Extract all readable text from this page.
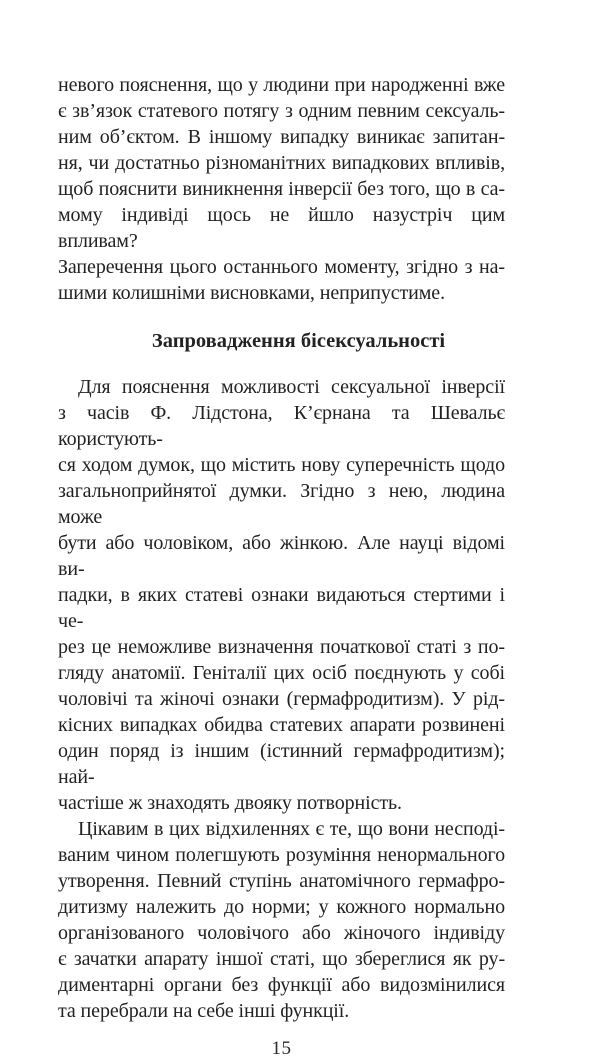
невого пояснення, що у людини при народженні вже
є зв’язок статевого потягу з одним певним сексуаль-
ним об’єктом. В іншому випадку виникає запитан-
ня, чи достатньо різноманітних випадкових впливів,
щоб пояснити виникнення інверсії без того, що в са-
мому індивіді щось не йшло назустріч цим впливам?
Заперечення цього останнього моменту, згідно з на-
шими колишніми висновками, неприпустиме.
Запровадження бісексуальності
Для пояснення можливості сексуальної інверсії
з часів Ф. Лідстона, К’єрнана та Шевальє користують-
ся ходом думок, що містить нову суперечність щодо
загальноприйнятої думки. Згідно з нею, людина може
бути або чоловіком, або жінкою. Але науці відомі ви-
падки, в яких статеві ознаки видаються стертими і че-
рез це неможливе визначення початкової статі з по-
гляду анатомії. Геніталії цих осіб поєднують у собі
чоловічі та жіночі ознаки (гермафродитизм). У рід-
кісних випадках обидва статевих апарати розвинені
один поряд із іншим (істинний гермафродитизм); най-
частіше ж знаходять двояку потворність.
Цікавим в цих відхиленнях є те, що вони несподі-
ваним чином полегшують розуміння ненормального
утворення. Певний ступінь анатомічного гермафро-
дитизму належить до норми; у кожного нормально
організованого чоловічого або жіночого індивіду
є зачатки апарату іншої статі, що збереглися як ру-
диментарні органи без функції або видозмінилися
та перебрали на себе інші функції.
15
